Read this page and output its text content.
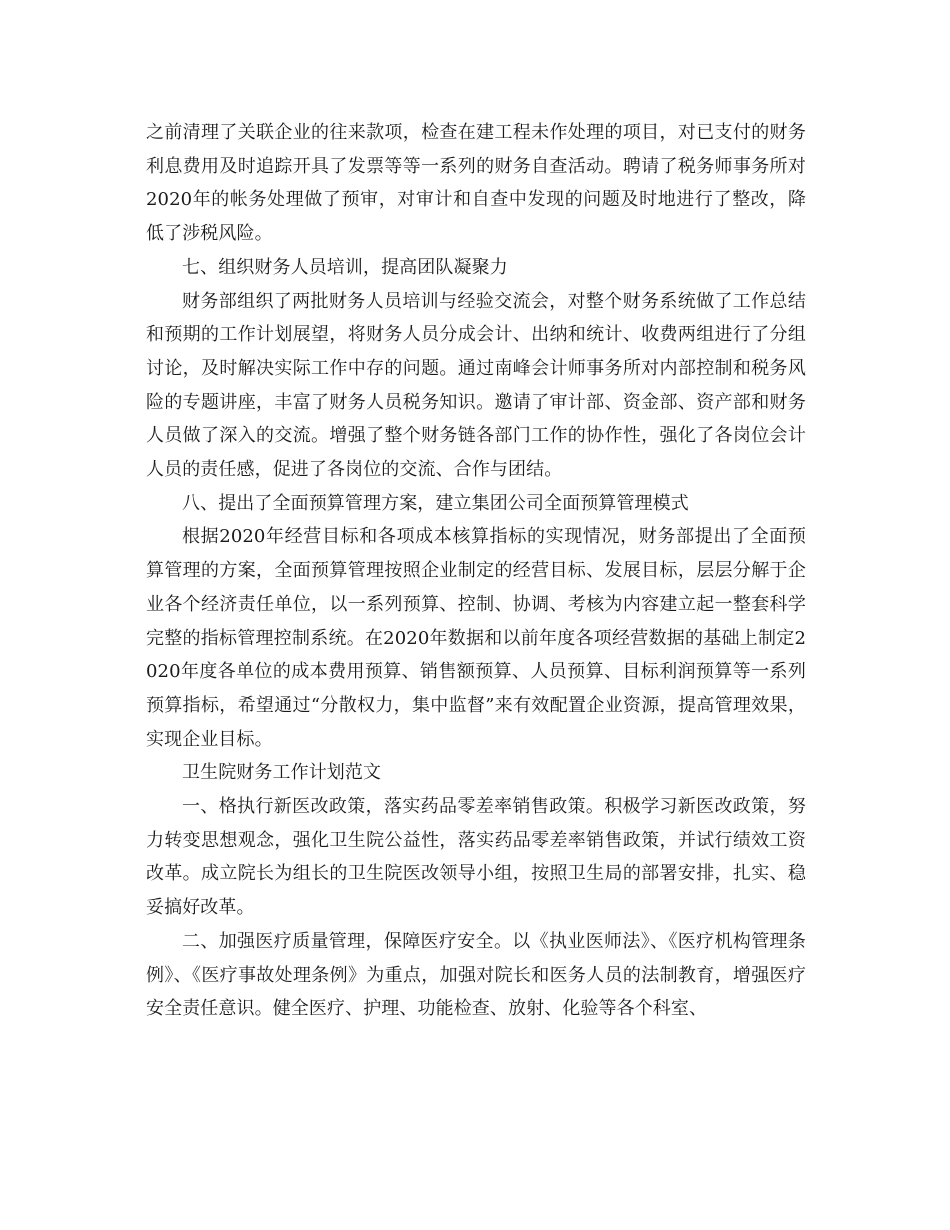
之前清理了关联企业的往来款项，检查在建工程未作处理的项目，对已支付的财务利息费用及时追踪开具了发票等等一系列的财务自查活动。聘请了税务师事务所对 2020年的帐务处理做了预审，对审计和自查中发现的问题及时地进行了整改，降低了涉税风险。

七、组织财务人员培训，提高团队凝聚力

财务部组织了两批财务人员培训与经验交流会，对整个财务系统做了工作总结和预期的工作计划展望，将财务人员分成会计、出纳和统计、收费两组进行了分组讨论，及时解决实际工作中存的问题。通过南峰会计师事务所对内部控制和税务风险的专题讲座，丰富了财务人员税务知识。邀请了审计部、资金部、资产部和财务人员做了深入的交流。增强了整个财务链各部门工作的协作性，强化了各岗位会计人员的责任感，促进了各岗位的交流、合作与团结。

八、提出了全面预算管理方案，建立集团公司全面预算管理模式

根据2020年经营目标和各项成本核算指标的实现情况，财务部提出了全面预算管理的方案，全面预算管理按照企业制定的经营目标、发展目标，层层分解于企业各个经济责任单位，以一系列预算、控制、协调、考核为内容建立起一整套科学完整的指标管理控制系统。在2020年数据和以前年度各项经营数据的基础上制定2020年度各单位的成本费用预算、销售额预算、人员预算、目标利润预算等一系列预算指标，希望通过“分散权力，集中监督”来有效配置企业资源，提高管理效果，实现企业目标。

卫生院财务工作计划范文

一、格执行新医改政策，落实药品零差率销售政策。积极学习新医改政策，努力转变思想观念，强化卫生院公益性，落实药品零差率销售政策，并试行绩效工资改革。成立院长为组长的卫生院医改领导小组，按照卫生局的部署安排，扎实、稳妥搞好改革。

二、加强医疗质量管理，保障医疗安全。以《执业医师法》、《医疗机构管理条例》、《医疗事故处理条例》为重点，加强对院长和医务人员的法制教育，增强医疗安全责任意识。健全医疗、护理、功能检查、放射、化验等各个科室、
